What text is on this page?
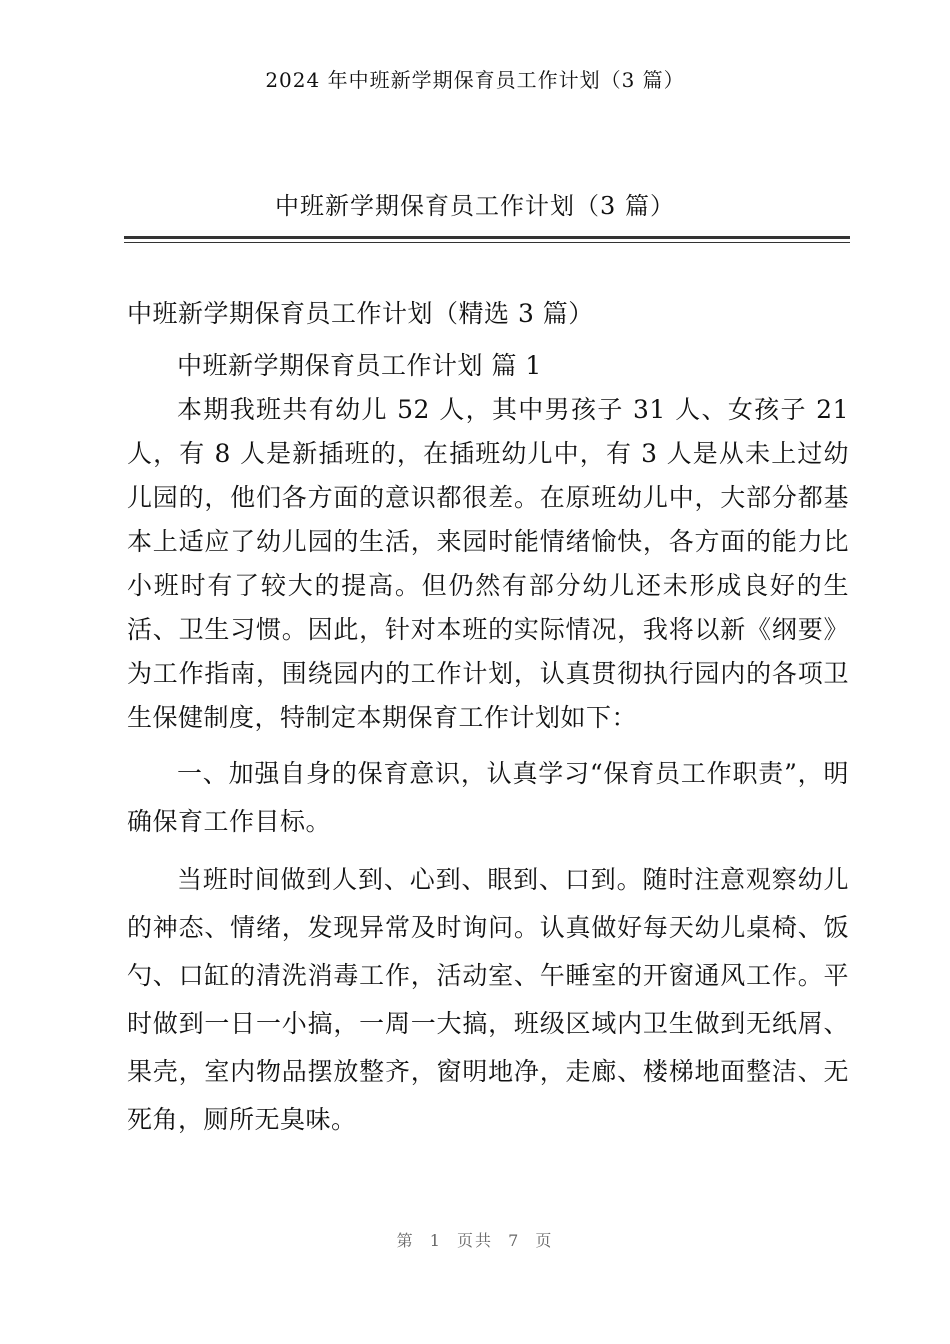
2024 年中班新学期保育员工作计划（3 篇）
中班新学期保育员工作计划（3 篇）

中班新学期保育员工作计划（精选 3 篇）

中班新学期保育员工作计划 篇 1

本期我班共有幼儿 52 人，其中男孩子 31 人、女孩子 21 人，有 8 人是新插班的，在插班幼儿中，有 3 人是从未上过幼儿园的，他们各方面的意识都很差。在原班幼儿中，大部分都基本上适应了幼儿园的生活，来园时能情绪愉快，各方面的能力比小班时有了较大的提高。但仍然有部分幼儿还未形成良好的生活、卫生习惯。因此，针对本班的实际情况，我将以新《纲要》为工作指南，围绕园内的工作计划，认真贯彻执行园内的各项卫生保健制度，特制定本期保育工作计划如下：

一、加强自身的保育意识，认真学习“保育员工作职责”，明确保育工作目标。

当班时间做到人到、心到、眼到、口到。随时注意观察幼儿的神态、情绪，发现异常及时询问。认真做好每天幼儿桌椅、饭勺、口缸的清洗消毒工作，活动室、午睡室的开窗通风工作。平时做到一日一小搞，一周一大搞，班级区域内卫生做到无纸屑、果壳，室内物品摆放整齐，窗明地净，走廊、楼梯地面整洁、无死角，厕所无臭味。

第 1 页共 7 页
